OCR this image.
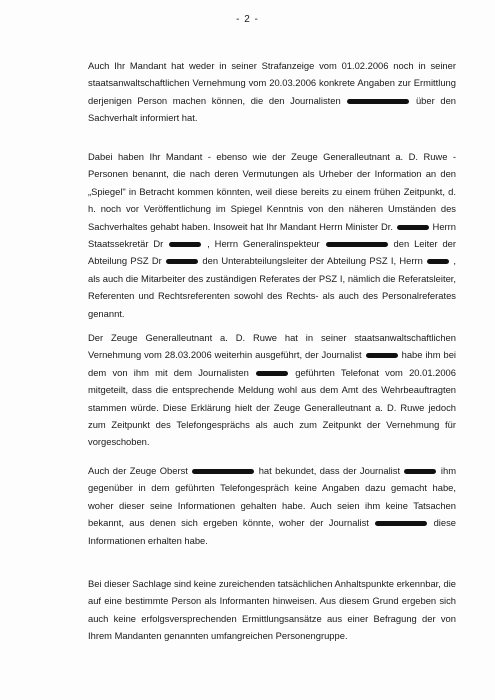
- 2 -

Auch Ihr Mandant hat weder in seiner Strafanzeige vom 01.02.2006 noch in seiner staatsanwaltschaftlichen Vernehmung vom 20.03.2006 konkrete Angaben zur Ermittlung derjenigen Person machen können, die den Journalisten	über den Sachverhalt informiert hat.

Dabei haben Ihr Mandant - ebenso wie der Zeuge Generalleutnant a. D. Ruwe - Personen benannt, die nach deren Vermutungen als Urheber der Information an den „Spiegel" in Betracht kommen könnten, weil diese bereits zu einem frühen Zeitpunkt, d. h. noch vor Veröffentlichung im Spiegel Kenntnis von den näheren Umständen des Sachverhaltes gehabt haben. Insoweit hat Ihr Mandant Herrn Minister Dr.	Herrn Staatssekretär Dr	, Herrn Generalinspekteur	den Leiter der Abteilung PSZ Dr	den Unterabteilungsleiter der Abteilung PSZ I, Herrn	, als auch die Mitarbeiter des zuständigen Referates der PSZ I, nämlich die Referatsleiter, Referenten und Rechtsreferenten sowohl des Rechts- als auch des Personalreferates genannt.

Der Zeuge Generalleutnant a. D. Ruwe hat in seiner staatsanwaltschaftlichen Vernehmung vom 28.03.2006 weiterhin ausgeführt, der Journalist	habe ihm bei dem von ihm mit dem Journalisten	geführten Telefonat vom 20.01.2006 mitgeteilt, dass die entsprechende Meldung wohl aus dem Amt des Wehrbeauftragten stammen würde. Diese Erklärung hielt der Zeuge Generalleutnant a. D. Ruwe jedoch zum Zeitpunkt des Telefongesprächs als auch zum Zeitpunkt der Vernehmung für vorgeschoben.

Auch der Zeuge Oberst	hat bekundet, dass der Journalist	ihm gegenüber in dem geführten Telefongespräch keine Angaben dazu gemacht habe, woher dieser seine Informationen gehalten habe. Auch seien ihm keine Tatsachen bekannt, aus denen sich ergeben könnte, woher der Journalist	diese Informationen erhalten habe.

Bei dieser Sachlage sind keine zureichenden tatsächlichen Anhaltspunkte erkennbar, die auf eine bestimmte Person als Informanten hinweisen. Aus diesem Grund ergeben sich auch keine erfolgsversprechenden Ermittlungsansätze aus einer Befragung der von Ihrem Mandanten genannten umfangreichen Personengruppe.
